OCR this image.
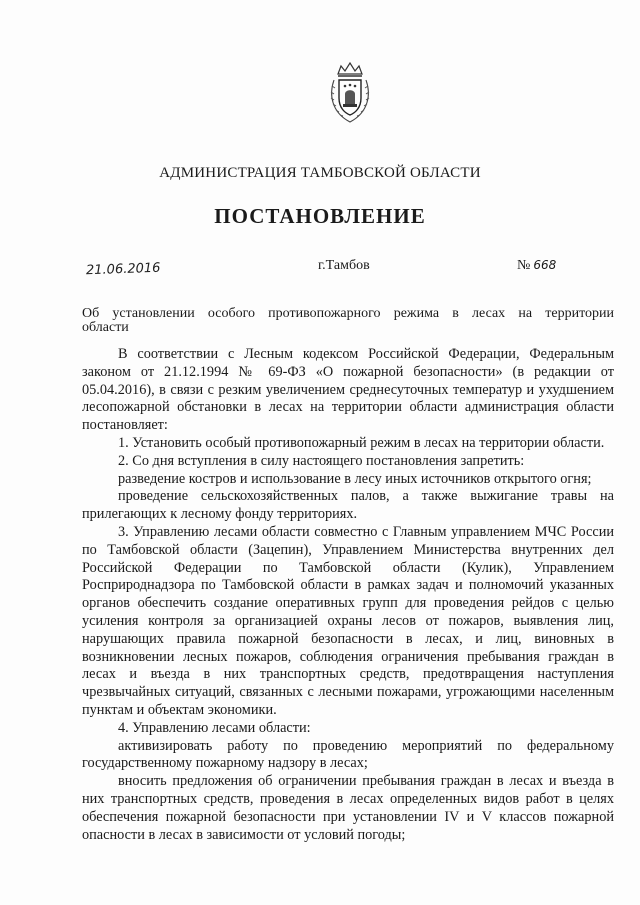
АДМИНИСТРАЦИЯ ТАМБОВСКОЙ ОБЛАСТИ
ПОСТАНОВЛЕНИЕ
21.06.2016	г.Тамбов	№ 668
Об установлении особого противопожарного режима в лесах на территории
области

В соответствии с Лесным кодексом Российской Федерации, Федеральным законом от 21.12.1994 № 69-ФЗ «О пожарной безопасности» (в редакции от 05.04.2016), в связи с резким увеличением среднесуточных температур и ухудшением лесопожарной обстановки в лесах на территории области администрация области постановляет:

1. Установить особый противопожарный режим в лесах на территории области.

2. Со дня вступления в силу настоящего постановления запретить:

разведение костров и использование в лесу иных источников открытого огня;

проведение сельскохозяйственных палов, а также выжигание травы на прилегающих к лесному фонду территориях.

3. Управлению лесами области совместно с Главным управлением МЧС России по Тамбовской области (Зацепин), Управлением Министерства внутренних дел Российской Федерации по Тамбовской области (Кулик), Управлением Росприроднадзора по Тамбовской области в рамках задач и полномочий указанных органов обеспечить создание оперативных групп для проведения рейдов с целью усиления контроля за организацией охраны лесов от пожаров, выявления лиц, нарушающих правила пожарной безопасности в лесах, и лиц, виновных в возникновении лесных пожаров, соблюдения ограничения пребывания граждан в лесах и въезда в них транспортных средств, предотвращения наступления чрезвычайных ситуаций, связанных с лесными пожарами, угрожающими населенным пунктам и объектам экономики.

4. Управлению лесами области:

активизировать работу по проведению мероприятий по федеральному государственному пожарному надзору в лесах;

вносить предложения об ограничении пребывания граждан в лесах и въезда в них транспортных средств, проведения в лесах определенных видов работ в целях обеспечения пожарной безопасности при установлении IV и V классов пожарной опасности в лесах в зависимости от условий погоды;
